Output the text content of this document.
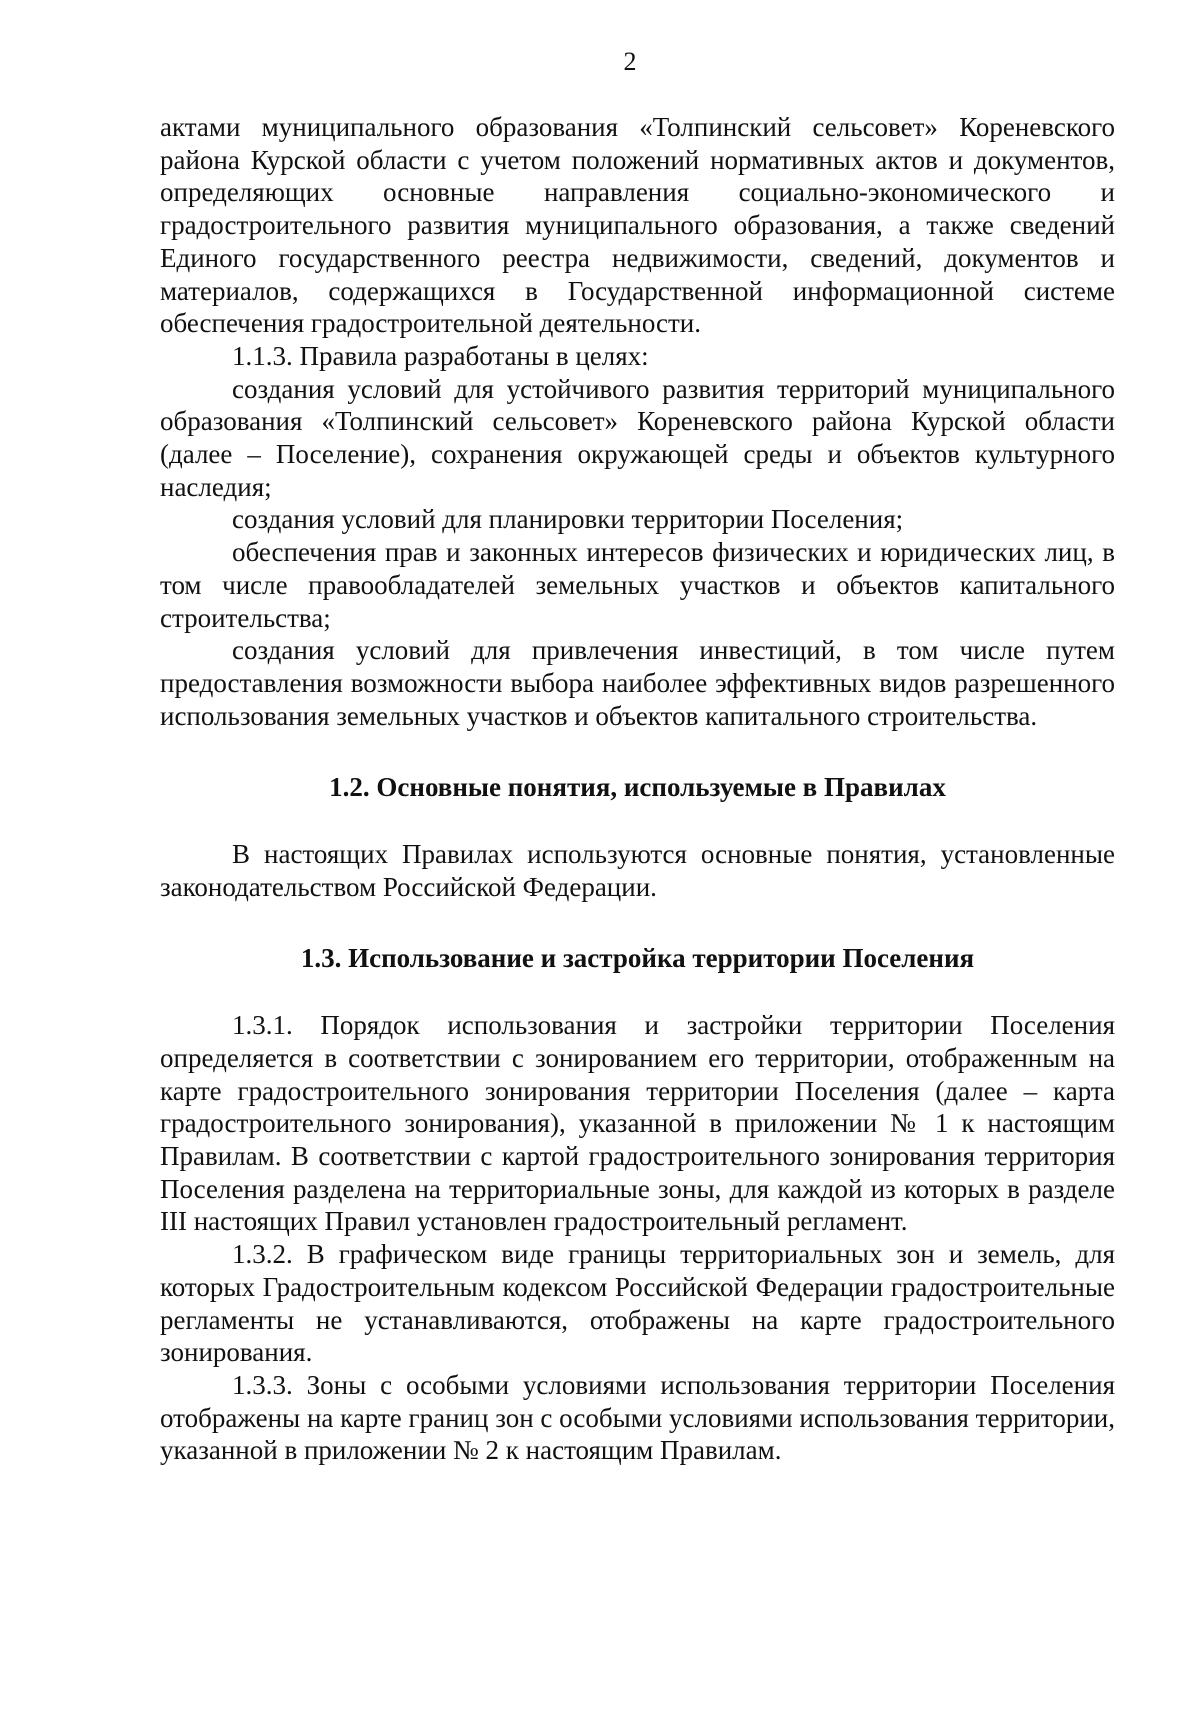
2

актами муниципального образования «Толпинский сельсовет» Кореневского района Курской области с учетом положений нормативных актов и документов, определяющих основные направления социально-экономического и градостроительного развития муниципального образования, а также сведений Единого государственного реестра недвижимости, сведений, документов и материалов, содержащихся в Государственной информационной системе обеспечения градостроительной деятельности.

1.1.3. Правила разработаны в целях:

создания условий для устойчивого развития территорий муниципального образования «Толпинский сельсовет» Кореневского района Курской области (далее – Поселение), сохранения окружающей среды и объектов культурного наследия;

создания условий для планировки территории Поселения;

обеспечения прав и законных интересов физических и юридических лиц, в том числе правообладателей земельных участков и объектов капитального строительства;

создания условий для привлечения инвестиций, в том числе путем предоставления возможности выбора наиболее эффективных видов разрешенного использования земельных участков и объектов капитального строительства.

1.2. Основные понятия, используемые в Правилах

В настоящих Правилах используются основные понятия, установленные законодательством Российской Федерации.

1.3. Использование и застройка территории Поселения

1.3.1. Порядок использования и застройки территории Поселения определяется в соответствии с зонированием его территории, отображенным на карте градостроительного зонирования территории Поселения (далее – карта градостроительного зонирования), указанной в приложении № 1 к настоящим Правилам. В соответствии с картой градостроительного зонирования территория Поселения разделена на территориальные зоны, для каждой из которых в разделе III настоящих Правил установлен градостроительный регламент.

1.3.2. В графическом виде границы территориальных зон и земель, для которых Градостроительным кодексом Российской Федерации градостроительные регламенты не устанавливаются, отображены на карте градостроительного зонирования.

1.3.3. Зоны с особыми условиями использования территории Поселения отображены на карте границ зон с особыми условиями использования территории, указанной в приложении № 2 к настоящим Правилам.
